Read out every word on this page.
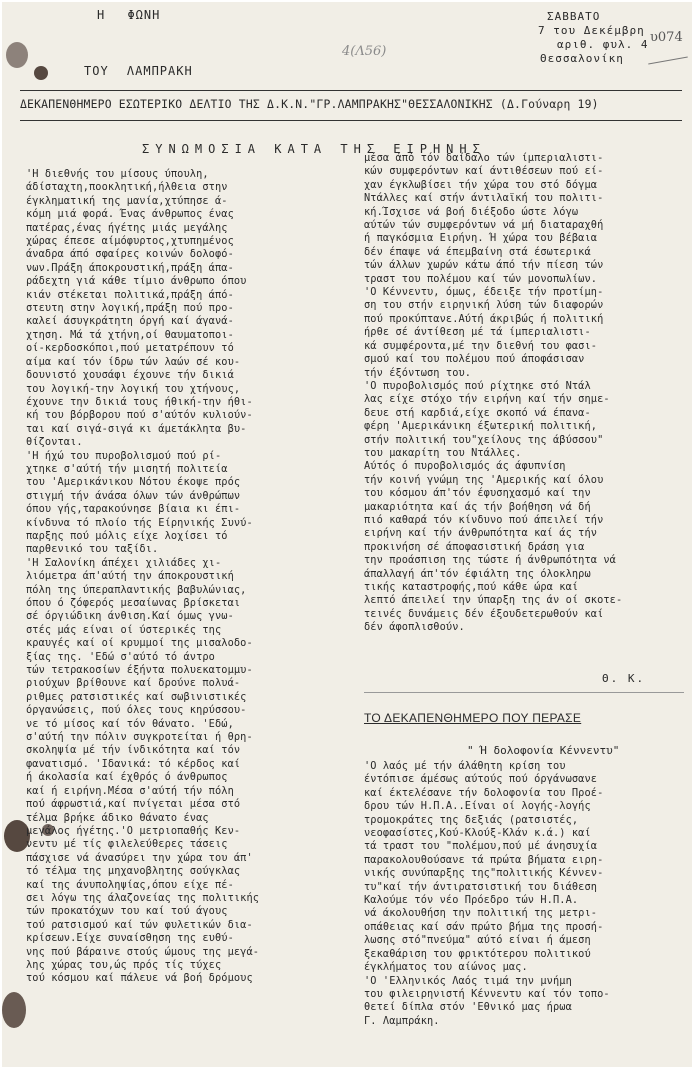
Η ΦΩΝΗ
ΤΟΥ ΛΑΜΠΡΑΚΗ
4(Λ56)
υ074
ΣΑΒΒΑΤΟ
7 του Δεκέμβρη
αριθ. φυλ. 4
Θεσσαλονίκη
ΔΕΚΑΠΕΝΘΗΜΕΡΟ ΕΣΩΤΕΡΙΚΟ ΔΕΛΤΙΟ ΤΗΣ Δ.Κ.Ν."ΓΡ.ΛΑΜΠΡΑΚΗΣ"ΘΕΣΣΑΛΟΝΙΚΗΣ (Δ.Γούναρη 19)
ΣΥΝΩΜΟΣΙΑ ΚΑΤΑ ΤΗΣ ΕΙΡΗΝΗΣ

'Η διεθνής του μίσους ύπουλη,

άδίσταχτη,ποοκλητική,ήλθεια στην

έγκληματική της μανία,χτύπησε ά-

κόμη μιά φορά. Ένας άνθρωπος ένας

πατέρας,ένας ήγέτης μιάς μεγάλης

χώρας έπεσε αίμόφυρτος,χτυπημένος

άναδρα άπό σφαίρες κοινών δολοφό-

νων.Πράξη άποκρουστική,πράξη άπα-

ράδεχτη γιά κάθε τίμιο άνθρωπο όπου

κιάν στέκεται πολιτικά,πράξη άπό-

στευτη στην λογική,πράξη πού προ-

καλεί άσυγκράτητη όργή καί άγανά-

χτηση. Μά τά χτήνη,οί θαυματοποι-

οί-κερδοσκόποι,πού μετατρέπουν τό

αίμα καί τόν ίδρω τών λαών σέ κου-

δουνιστό χουσάφι έχουνε τήν δικιά

του λογική-την λογική του χτήνους,

έχουνε την δικιά τους ήθική-την ήθι-

κή του βόρβορου πού σ'αύτόν κυλιούν-

ται καί σιγά-σιγά κι άμετάκλητα βυ-

θίζονται.

'Η ήχώ του πυροβολισμού πού ρί-

χτηκε σ'αύτή τήν μισητή πολιτεία

του 'Αμερικάνικου Νότου έκοψε πρός

στιγμή τήν άνάσα όλων τών άνθρώπων

όπου γής,ταρακούνησε βίαια κι έπι-

κίνδυνα τό πλοίο τής Είρηνικής Συνύ-

παρξης πού μόλις είχε λοχίσει τό

παρθενικό του ταξίδι.

'Η Σαλονίκη άπέχει χιλιάδες χι-

λιόμετρα άπ'αύτή την άποκρουστική

πόλη της ύπεραπλαντικής βαβυλώνιας,

όπου ό ζόφερός μεσαίωνας βρίσκεται

σέ όργιώδικη άνθιση.Καί όμως γνω-

στές μάς είναι οί ύστερικές της

κραυγές καί οί κρυμμοί της μισαλοδο-

ξίας της. 'Εδώ σ'αύτό τό άντρο

τών τετρακοσίων έξήντα πολυεκατομμυ-

ριούχων βρίθουνε καί δρούνε πολυά-

ριθμες ρατσιστικές καί σωβινιστικές

όργανώσεις, πού όλες τους κηρύσσου-

νε τό μίσος καί τόν θάνατο. 'Εδώ,

σ'αύτή την πόλιν συγκροτείται ή θρη-

σκοληψία μέ τήν ίνδικότητα καί τόν

φανατισμό. 'Ιδανικά: τό κέρδος καί

ή άκολασία καί έχθρός ό άνθρωπος

καί ή ειρήνη.Μέσα σ'αύτή τήν πόλη

πού άφρωστιά,καί πνίγεται μέσα στό

τέλμα βρήκε άδικο θάνατο ένας

μεγάλος ήγέτης.'Ο μετριοπαθής Κεν-

νεντυ μέ τίς φιλελεύθερες τάσεις

πάσχισε νά άνασύρει την χώρα του άπ'

τό τέλμα της μηχανοβλητης σούγκλας

καί της άνυποληψίας,όπου είχε πέ-

σει λόγω της άλαζονείας της πολιτικής

τών προκατόχων του καί τού άγους

τού ρατσισμού καί τών φυλετικών δια-

κρίσεων.Είχε συναίσθηση της ευθύ-

νης πού βάραινε στούς ώμους της μεγά-

λης χώρας του,ώς πρός τίς τύχες

τού κόσμου καί πάλευε νά βοή δρόμους

μέσα άπό τόν δαίδαλο τών ίμπεριαλιστι-

κών συμφερόντων καί άντιθέσεων πού εί-

χαν έγκλωβίσει τήν χώρα του στό δόγμα

Ντάλλες καί στήν άντιλαϊκή του πολιτι-

κή.Ίσχισε νά βοή διέξοδο ώστε λόγω

αύτών τών συμφερόντων νά μή διαταραχθή

ή παγκόσμια Ειρήνη. Ή χώρα του βέβαια

δέν έπαψε νά έπεμβαίνη στά έσωτερικά

τών άλλων χωρών κάτω άπό τήν πίεση τών

τραστ του πολέμου καί τών μονοπωλίων.

'Ο Κέννεντυ, όμως, έδειξε τήν προτίμη-

ση του στήν ειρηνική λύση τών διαφορών

πού προκύπτανε.Αύτή άκριβώς ή πολιτική

ήρθε σέ άντίθεση μέ τά ίμπεριαλιστι-

κά συμφέροντα,μέ την διεθνή του φασι-

σμού καί του πολέμου πού άποφάσισαν

τήν έξόντωση του.

'Ο πυροβολισμός πού ρίχτηκε στό Ντάλ

λας είχε στόχο τήν ειρήνη καί τήν σημε-

δευε στή καρδιά,είχε σκοπό νά έπανα-

φέρη 'Αμερικάνικη έξωτερική πολιτική,

στήν πολιτική του"χείλους της άβύσσου"

του μακαρίτη του Ντάλλες.

Αύτός ό πυροβολισμός άς άφυπνίση

τήν κοινή γνώμη της 'Αμερικής καί όλου

του κόσμου άπ'τόν έφυσηχασμό καί την

μακαριότητα καί άς τήν βοήθηση νά δή

πιό καθαρά τόν κίνδυνο πού άπειλεί τήν

ειρήνη καί τήν άνθρωπότητα καί άς τήν

προκινήση σέ άποφασιστική δράση για

την προάσπιση της τώστε ή άνθρωπότητα νά

άπαλλαγή άπ'τόν έφιάλτη της όλοκληρω

τικής καταστροφής,πού κάθε ώρα καί

λεπτό άπειλεί την ύπαρξη της άν οί σκοτε-

τεινές δυνάμεις δέν έξουδετερωθούν καί

δέν άφοπλισθούν.

Θ. Κ.
ΤΟ ΔΕΚΑΠΕΝΘΗΜΕΡΟ ΠΟΥ ΠΕΡΑΣΕ
" Ή δολοφονία Κέννεντυ"

'Ο λαός μέ τήν άλάθητη κρίση του

έντόπισε άμέσως αύτούς πού όργάνωσανε

καί έκτελέσανε τήν δολοφονία του Προέ-

δρου τών Η.Π.Α..Είναι οί λογής-λογής

τρομοκράτες της δεξιάς (ρατσιστές,

νεοφασίστες,Κού-Κλούξ-Κλάν κ.ά.) καί

τά τραστ του "πολέμου,πού μέ άνησυχία

παρακολουθούσανε τά πρώτα βήματα ειρη-

νικής συνύπαρξης της"πολιτικής Κέννεν-

τυ"καί τήν άντιρατσιστική του διάθεση

Καλούμε τόν νέο Πρόεδρο τών Η.Π.Α.

νά άκολουθήση την πολιτική της μετρι-

οπάθειας καί σάν πρώτο βήμα της προσή-

λωσης στό"πνεύμα" αύτό είναι ή άμεση

ξεκαθάριση του φρικτότερου πολιτικού

έγκλήματος του αίώνος μας.

'Ο 'Ελληνικός Λαός τιμά την μνήμη

του φιλειρηνιστή Κέννεντυ καί τόν τοπο-

θετεί δίπλα στόν 'Εθνικό μας ήρωα

Γ. Λαμπράκη.
